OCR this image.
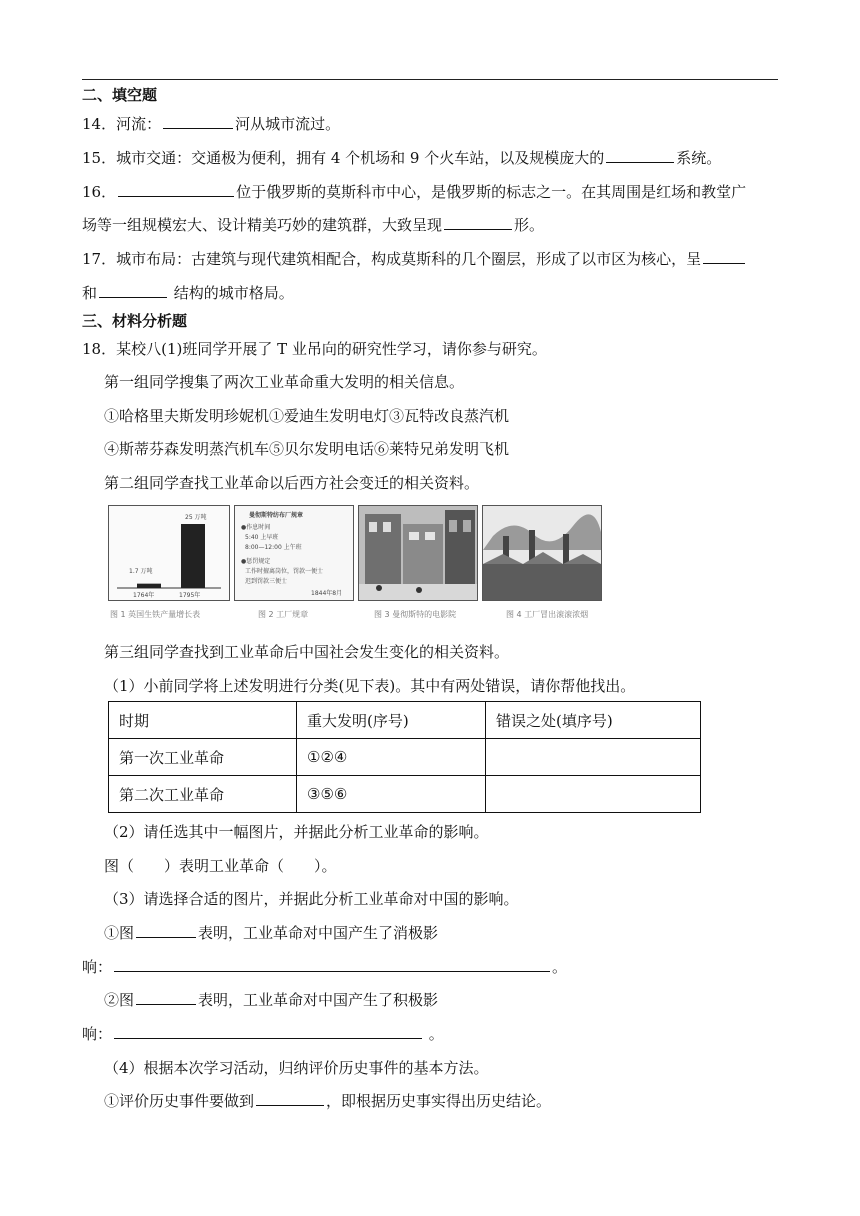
二、填空题
14．河流：	河从城市流过。
15．城市交通：交通极为便利，拥有 4 个机场和 9 个火车站，以及规模庞大的	系统。
16．	位于俄罗斯的莫斯科市中心，是俄罗斯的标志之一。在其周围是红场和教堂广
场等一组规模宏大、设计精美巧妙的建筑群，大致呈现	形。
17．城市布局：古建筑与现代建筑相配合，构成莫斯科的几个圈层，形成了以市区为核心，呈
和	结构的城市格局。
三、材料分析题
18．某校八(1)班同学开展了 T 业吊向的研究性学习，请你参与研究。
第一组同学搜集了两次工业革命重大发明的相关信息。
①哈格里夫斯发明珍妮机①爱迪生发明电灯③瓦特改良蒸汽机
④斯蒂芬森发明蒸汽机车⑤贝尔发明电话⑥莱特兄弟发明飞机
第二组同学查找工业革命以后西方社会变迁的相关资料。
1.7 万吨
25 万吨
1764年	1795年
图 1 英国生铁产量增长表
曼彻斯特纺布厂规章
●作息时间
5:40 上早班
8:00—12:00 上午班
●惩罚规定
工作时擅离岗位，罚款一便士
迟到罚款三便士
1844年8月
图 2 工厂规章	图 3 曼彻斯特的电影院	图 4 工厂冒出滚滚浓烟
第三组同学查找到工业革命后中国社会发生变化的相关资料。
（1）小前同学将上述发明进行分类(见下表)。其中有两处错误，请你帮他找出。
时期	重大发明(序号)	错误之处(填序号)
第一次工业革命	①②④	
第二次工业革命	③⑤⑥	
（2）请任选其中一幅图片，并据此分析工业革命的影响。
图（　　）表明工业革命（　　）。
（3）请选择合适的图片，并据此分析工业革命对中国的影响。
①图	表明，工业革命对中国产生了消极影
响：	。
②图	表明，工业革命对中国产生了积极影
响：	。
（4）根据本次学习活动，归纳评价历史事件的基本方法。
①评价历史事件要做到	，即根据历史事实得出历史结论。
